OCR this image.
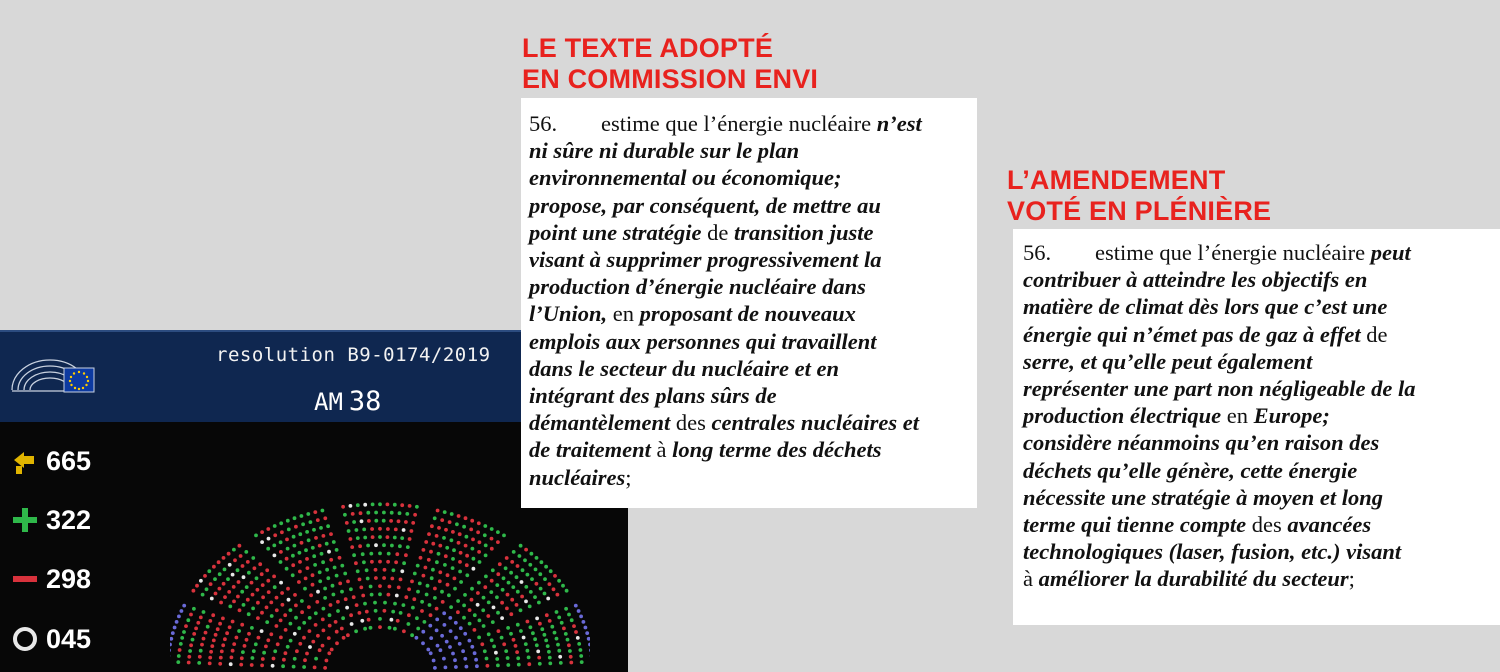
resolution B9-0174/2019
AM 38
665
322
298
045
LE TEXTE ADOPTÉ
EN COMMISSION ENVI
L’AMENDEMENT
VOTÉ EN PLÉNIÈRE
56. estime que l’énergie nucléaire n’est
ni sûre ni durable sur le plan
environnemental ou économique;
propose, par conséquent, de mettre au
point une stratégie de transition juste
visant à supprimer progressivement la
production d’énergie nucléaire dans
l’Union, en proposant de nouveaux
emplois aux personnes qui travaillent
dans le secteur du nucléaire et en
intégrant des plans sûrs de
démantèlement des centrales nucléaires et
de traitement à long terme des déchets
nucléaires;
56. estime que l’énergie nucléaire peut
contribuer à atteindre les objectifs en
matière de climat dès lors que c’est une
énergie qui n’émet pas de gaz à effet de
serre, et qu’elle peut également
représenter une part non négligeable de la
production électrique en Europe;
considère néanmoins qu’en raison des
déchets qu’elle génère, cette énergie
nécessite une stratégie à moyen et long
terme qui tienne compte des avancées
technologiques (laser, fusion, etc.) visant
à améliorer la durabilité du secteur;
